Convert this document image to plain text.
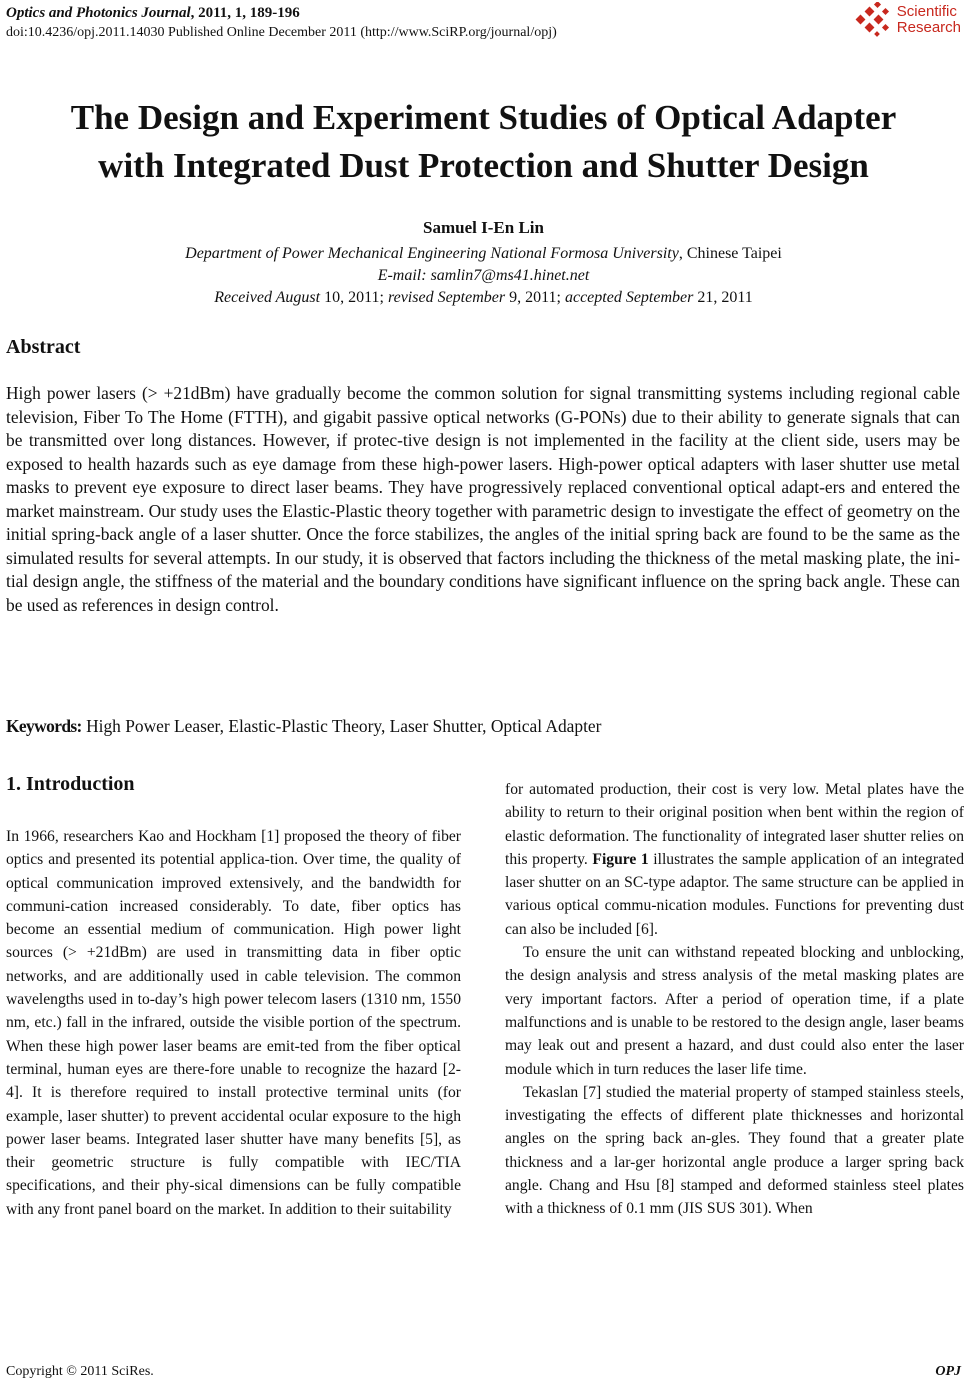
Optics and Photonics Journal, 2011, 1, 189-196
doi:10.4236/opj.2011.14030 Published Online December 2011 (http://www.SciRP.org/journal/opj)
Scientific
Research
The Design and Experiment Studies of Optical Adapter
with Integrated Dust Protection and Shutter Design
Samuel I-En Lin
Department of Power Mechanical Engineering National Formosa University, Chinese Taipei
E-mail: samlin7@ms41.hinet.net
Received August 10, 2011; revised September 9, 2011; accepted September 21, 2011
Abstract

High power lasers (> +21dBm) have gradually become the common solution for signal transmitting systems including regional cable television, Fiber To The Home (FTTH), and gigabit passive optical networks (G-PONs) due to their ability to generate signals that can be transmitted over long distances. However, if protec-tive design is not implemented in the facility at the client side, users may be exposed to health hazards such as eye damage from these high-power lasers. High-power optical adapters with laser shutter use metal masks to prevent eye exposure to direct laser beams. They have progressively replaced conventional optical adapt-ers and entered the market mainstream. Our study uses the Elastic-Plastic theory together with parametric design to investigate the effect of geometry on the initial spring-back angle of a laser shutter. Once the force stabilizes, the angles of the initial spring back are found to be the same as the simulated results for several attempts. In our study, it is observed that factors including the thickness of the metal masking plate, the ini-tial design angle, the stiffness of the material and the boundary conditions have significant influence on the spring back angle. These can be used as references in design control.

Keywords: High Power Leaser, Elastic-Plastic Theory, Laser Shutter, Optical Adapter
1. Introduction

In 1966, researchers Kao and Hockham [1] proposed the theory of fiber optics and presented its potential applica-tion. Over time, the quality of optical communication improved extensively, and the bandwidth for communi-cation increased considerably. To date, fiber optics has become an essential medium of communication. High power light sources (> +21dBm) are used in transmitting data in fiber optic networks, and are additionally used in cable television. The common wavelengths used in to-day’s high power telecom lasers (1310 nm, 1550 nm, etc.) fall in the infrared, outside the visible portion of the spectrum. When these high power laser beams are emit-ted from the fiber optical terminal, human eyes are there-fore unable to recognize the hazard [2-4]. It is therefore required to install protective terminal units (for example, laser shutter) to prevent accidental ocular exposure to the high power laser beams. Integrated laser shutter have many benefits [5], as their geometric structure is fully compatible with IEC/TIA specifications, and their phy-sical dimensions can be fully compatible with any front panel board on the market. In addition to their suitability

for automated production, their cost is very low. Metal plates have the ability to return to their original position when bent within the region of elastic deformation. The functionality of integrated laser shutter relies on this property. Figure 1 illustrates the sample application of an integrated laser shutter on an SC-type adaptor. The same structure can be applied in various optical commu-nication modules. Functions for preventing dust can also be included [6].

To ensure the unit can withstand repeated blocking and unblocking, the design analysis and stress analysis of the metal masking plates are very important factors. After a period of operation time, if a plate malfunctions and is unable to be restored to the design angle, laser beams may leak out and present a hazard, and dust could also enter the laser module which in turn reduces the laser life time.

Tekaslan [7] studied the material property of stamped stainless steels, investigating the effects of different plate thicknesses and horizontal angles on the spring back an-gles. They found that a greater plate thickness and a lar-ger horizontal angle produce a larger spring back angle. Chang and Hsu [8] stamped and deformed stainless steel plates with a thickness of 0.1 mm (JIS SUS 301). When

Copyright © 2011 SciRes.	OPJ
